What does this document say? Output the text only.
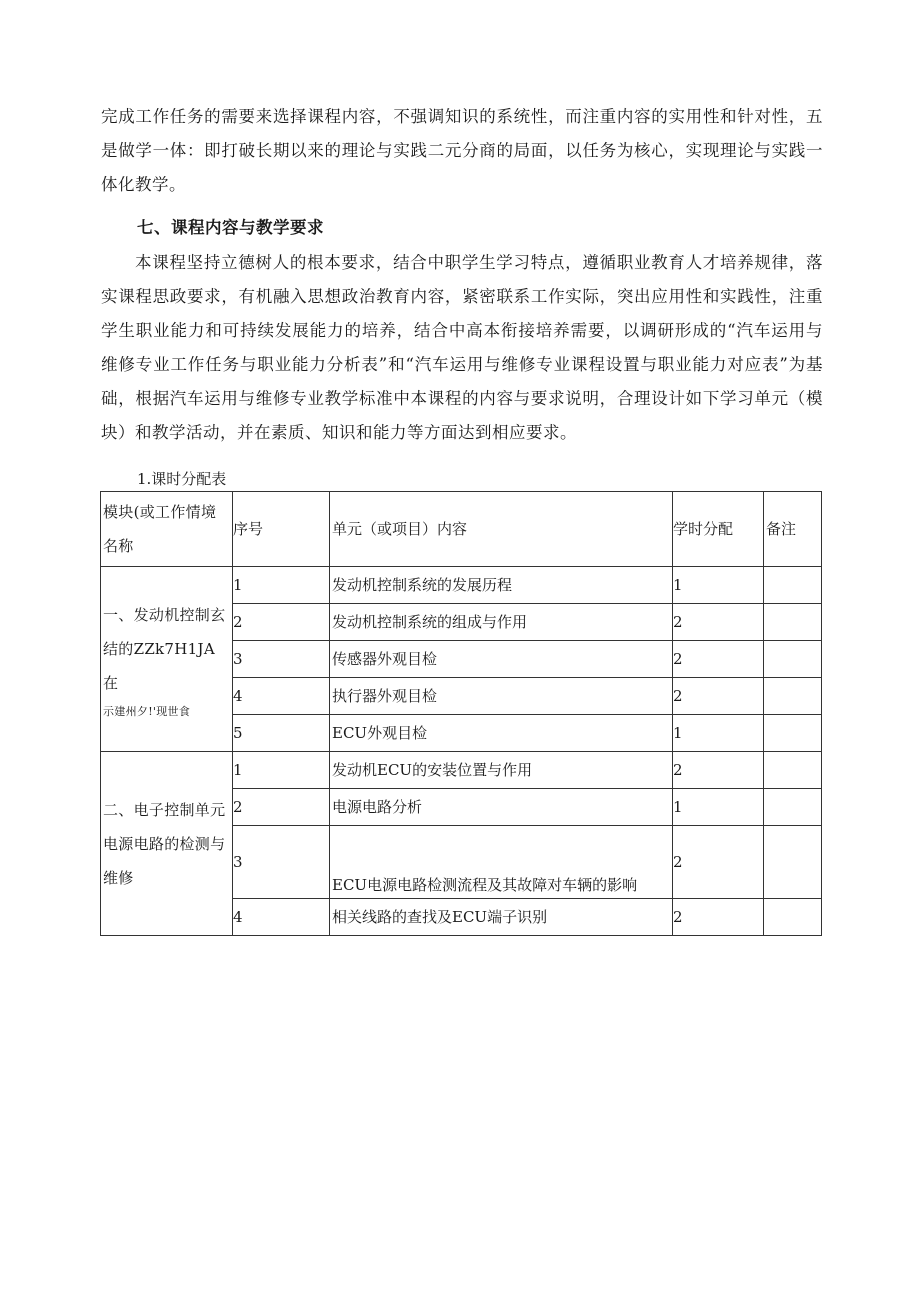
完成工作任务的需要来选择课程内容，不强调知识的系统性，而注重内容的实用性和针对性，五是做学一体：即打破长期以来的理论与实践二元分商的局面，以任务为核心，实现理论与实践一体化教学。

七、课程内容与教学要求

本课程坚持立德树人的根本要求，结合中职学生学习特点，遵循职业教育人才培养规律，落实课程思政要求，有机融入思想政治教育内容，紧密联系工作实际，突出应用性和实践性，注重学生职业能力和可持续发展能力的培养，结合中高本衔接培养需要，以调研形成的“汽车运用与维修专业工作任务与职业能力分析表”和“汽车运用与维修专业课程设置与职业能力对应表”为基础，根据汽车运用与维修专业教学标准中本课程的内容与要求说明，合理设计如下学习单元（模块）和教学活动，并在素质、知识和能力等方面达到相应要求。

1.课时分配表
模块(或工作情境名称	序号	单元（或项目）内容	学时分配	备注

一、发动机控制玄结的ZZk7H1JA在
示建州夕!'现世食	1	发动机控制系统的发展历程	1	
	2	发动机控制系统的组成与作用	2	
	3	传感器外观目检	2	
	4	执行器外观目检	2	
	5	ECU外观目检	1	

二、电子控制单元电源电路的检测与维修	1	发动机ECU的安装位置与作用	2	
	2	电源电路分析	1	
	3	ECU电源电路检测流程及其故障对车辆的影响	2	
	4	相关线路的查找及ECU端子识别	2	
